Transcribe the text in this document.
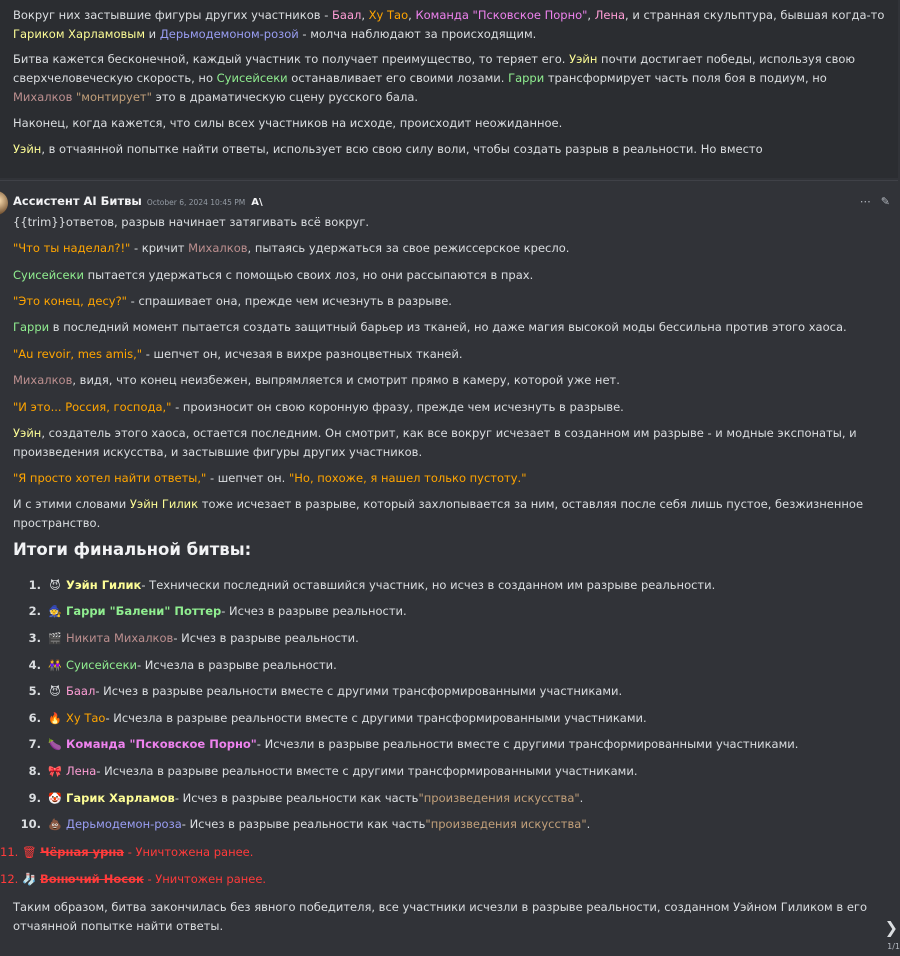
Вокруг них застывшие фигуры других участников - Баал, Ху Тао, Команда "Псковское Порно", Лена, и странная скульптура, бывшая когда-то Гариком Харламовым и Дерьмодемоном-розой - молча наблюдают за происходящим.

Битва кажется бесконечной, каждый участник то получает преимущество, то теряет его. Уэйн почти достигает победы, используя свою сверхчеловеческую скорость, но Суисейсеки останавливает его своими лозами. Гарри трансформирует часть поля боя в подиум, но Михалков "монтирует" это в драматическую сцену русского бала.

Наконец, когда кажется, что силы всех участников на исходе, происходит неожиданное.

Уэйн, в отчаянной попытке найти ответы, использует всю свою силу воли, чтобы создать разрыв в реальности. Но вместо

Ассистент AI Битвы October 6, 2024 10:45 PM A\	⋯ ✎

{{trim}}ответов, разрыв начинает затягивать всё вокруг.

"Что ты наделал?!" - кричит Михалков, пытаясь удержаться за свое режиссерское кресло.

Суисейсеки пытается удержаться с помощью своих лоз, но они рассыпаются в прах.

"Это конец, десу?" - спрашивает она, прежде чем исчезнуть в разрыве.

Гарри в последний момент пытается создать защитный барьер из тканей, но даже магия высокой моды бессильна против этого хаоса.

"Au revoir, mes amis," - шепчет он, исчезая в вихре разноцветных тканей.

Михалков, видя, что конец неизбежен, выпрямляется и смотрит прямо в камеру, которой уже нет.

"И это... Россия, господа," - произносит он свою коронную фразу, прежде чем исчезнуть в разрыве.

Уэйн, создатель этого хаоса, остается последним. Он смотрит, как все вокруг исчезает в созданном им разрыве - и модные экспонаты, и произведения искусства, и застывшие фигуры других участников.

"Я просто хотел найти ответы," - шепчет он. "Но, похоже, я нашел только пустоту."

И с этими словами Уэйн Гилик тоже исчезает в разрыве, который захлопывается за ним, оставляя после себя лишь пустое, безжизненное пространство.

Итоги финальной битвы:
1. 😈 Уэйн Гилик - Технически последний оставшийся участник, но исчез в созданном им разрыве реальности.
2. 🧙 Гарри "Балени" Поттер - Исчез в разрыве реальности.
3. 🎬 Никита Михалков - Исчез в разрыве реальности.
4. 👭 Суисейсеки - Исчезла в разрыве реальности.
5. 😈 Баал - Исчез в разрыве реальности вместе с другими трансформированными участниками.
6. 🔥 Ху Тао - Исчезла в разрыве реальности вместе с другими трансформированными участниками.
7. 🍆 Команда "Псковское Порно" - Исчезли в разрыве реальности вместе с другими трансформированными участниками.
8. 🎀 Лена - Исчезла в разрыве реальности вместе с другими трансформированными участниками.
9. 🤡 Гарик Харламов - Исчез в разрыве реальности как часть "произведения искусства" .
10. 💩 Дерьмодемон-роза - Исчез в разрыве реальности как часть "произведения искусства" .

11. 🗑 Чёрная урна - Уничтожена ранее.

12. 🧦 Вонючий Носок - Уничтожен ранее.

Таким образом, битва закончилась без явного победителя, все участники исчезли в разрыве реальности, созданном Уэйном Гиликом в его отчаянной попытке найти ответы.	❯
1/1
